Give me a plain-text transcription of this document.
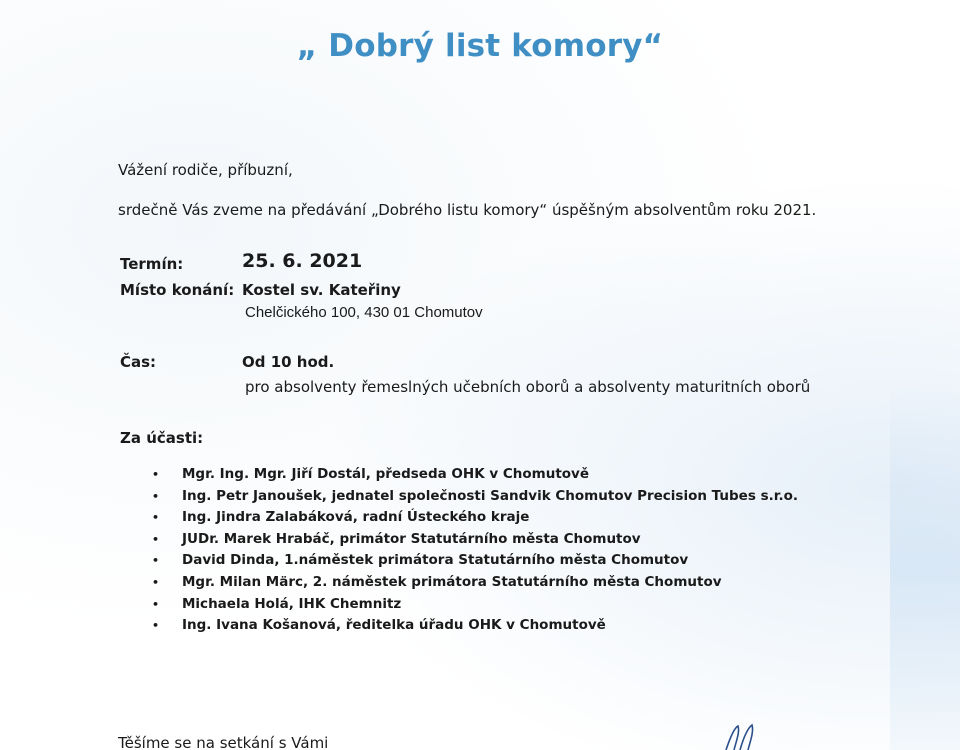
„ Dobrý list komory“
Vážení rodiče, příbuzní,
srdečně Vás zveme na předávání „Dobrého listu komory“ úspěšným absolventům roku 2021.
Termín:	25. 6. 2021
Místo konání: Kostel sv. Kateřiny
Chelčického 100, 430 01 Chomutov
Čas:	Od 10 hod.
pro absolventy řemeslných učebních oborů a absolventy maturitních oborů
Za účasti:
• Mgr. Ing. Mgr. Jiří Dostál, předseda OHK v Chomutově
• Ing. Petr Janoušek, jednatel společnosti Sandvik Chomutov Precision Tubes s.r.o.
• Ing. Jindra Zalabáková, radní Ústeckého kraje
• JUDr. Marek Hrabáč, primátor Statutárního města Chomutov
• David Dinda, 1.náměstek primátora Statutárního města Chomutov
• Mgr. Milan Märc, 2. náměstek primátora Statutárního města Chomutov
• Michaela Holá, IHK Chemnitz
• Ing. Ivana Košanová, ředitelka úřadu OHK v Chomutově
Těšíme se na setkání s Vámi
